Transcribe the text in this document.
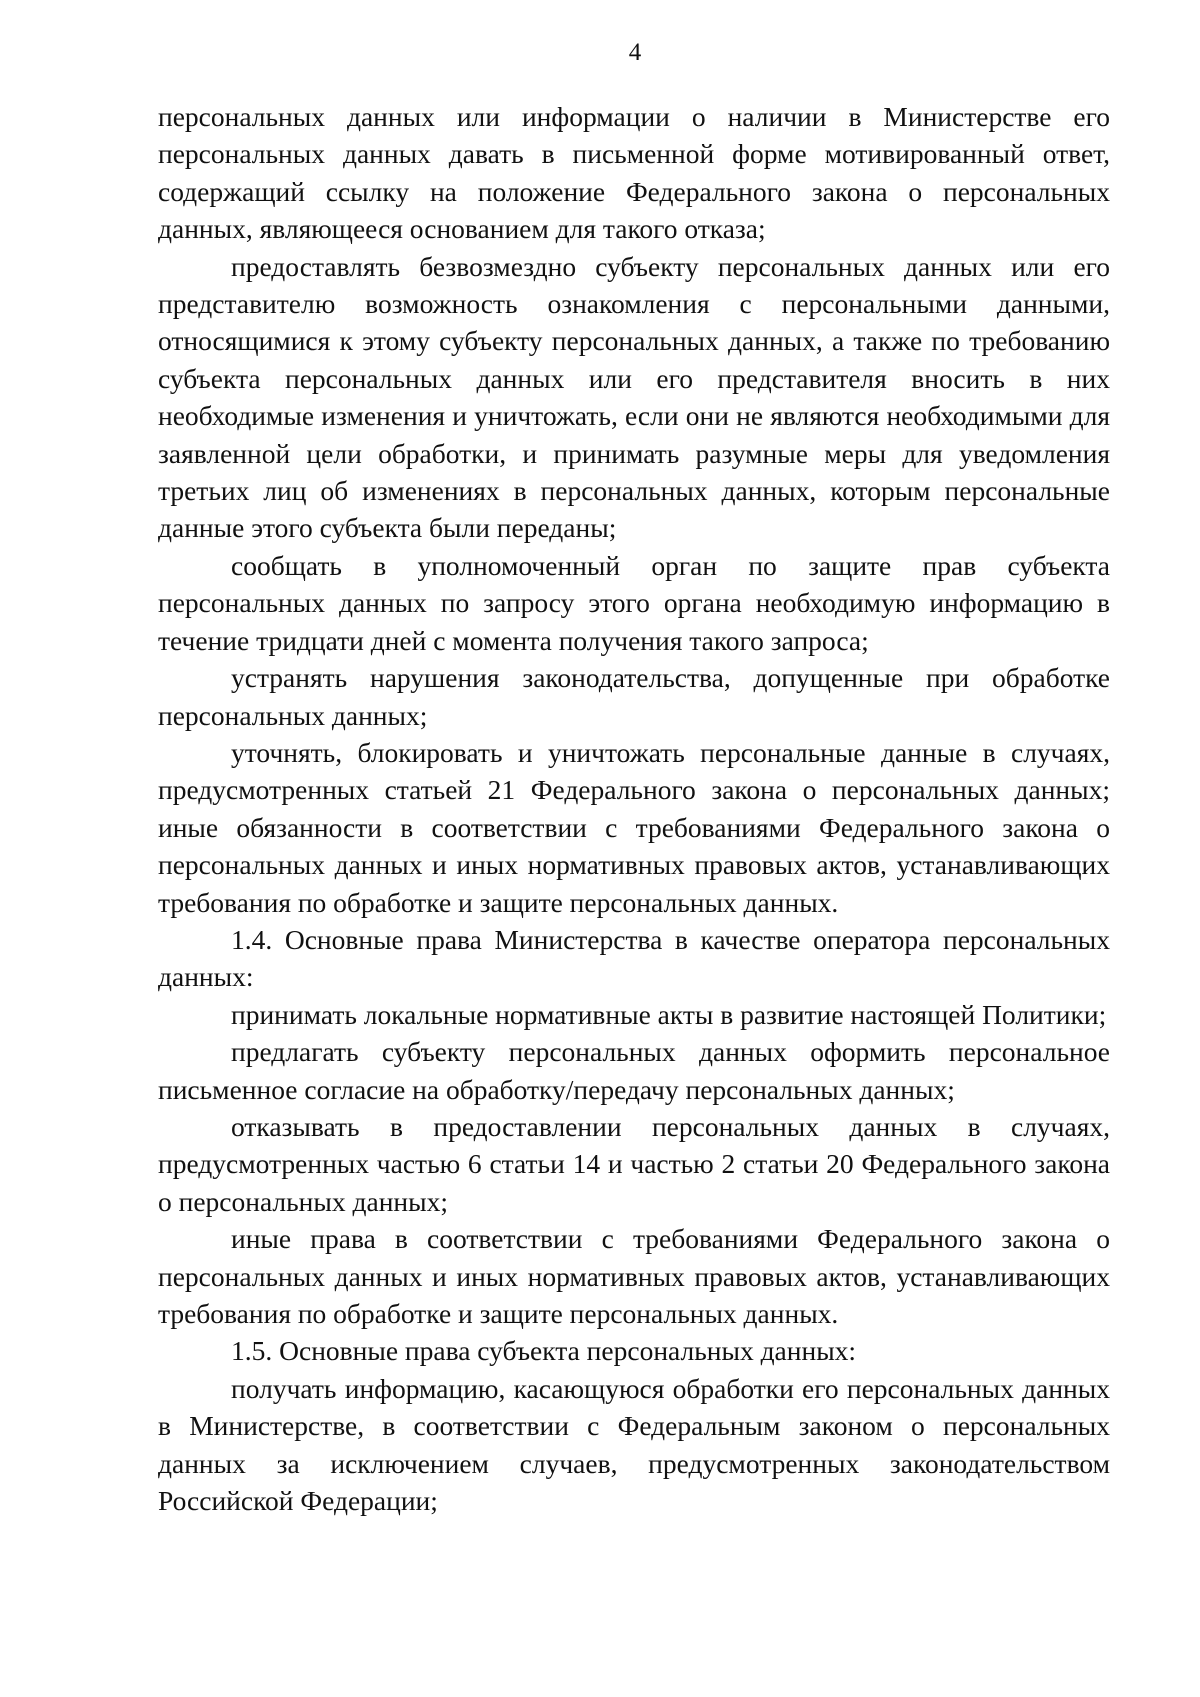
4

персональных данных или информации о наличии в Министерстве его персональных данных давать в письменной форме мотивированный ответ, содержащий ссылку на положение Федерального закона о персональных данных, являющееся основанием для такого отказа;

предоставлять безвозмездно субъекту персональных данных или его представителю возможность ознакомления с персональными данными, относящимися к этому субъекту персональных данных, а также по требованию субъекта персональных данных или его представителя вносить в них необходимые изменения и уничтожать, если они не являются необходимыми для заявленной цели обработки, и принимать разумные меры для уведомления третьих лиц об изменениях в персональных данных, которым персональные данные этого субъекта были переданы;

сообщать в уполномоченный орган по защите прав субъекта персональных данных по запросу этого органа необходимую информацию в течение тридцати дней с момента получения такого запроса;

устранять нарушения законодательства, допущенные при обработке персональных данных;

уточнять, блокировать и уничтожать персональные данные в случаях, предусмотренных статьей 21 Федерального закона о персональных данных; иные обязанности в соответствии с требованиями Федерального закона о персональных данных и иных нормативных правовых актов, устанавливающих требования по обработке и защите персональных данных.

1.4. Основные права Министерства в качестве оператора персональных данных:

принимать локальные нормативные акты в развитие настоящей Политики;

предлагать субъекту персональных данных оформить персональное письменное согласие на обработку/передачу персональных данных;

отказывать в предоставлении персональных данных в случаях, предусмотренных частью 6 статьи 14 и частью 2 статьи 20 Федерального закона о персональных данных;

иные права в соответствии с требованиями Федерального закона о персональных данных и иных нормативных правовых актов, устанавливающих требования по обработке и защите персональных данных.

1.5. Основные права субъекта персональных данных:

получать информацию, касающуюся обработки его персональных данных в Министерстве, в соответствии с Федеральным законом о персональных данных за исключением случаев, предусмотренных законодательством Российской Федерации;
